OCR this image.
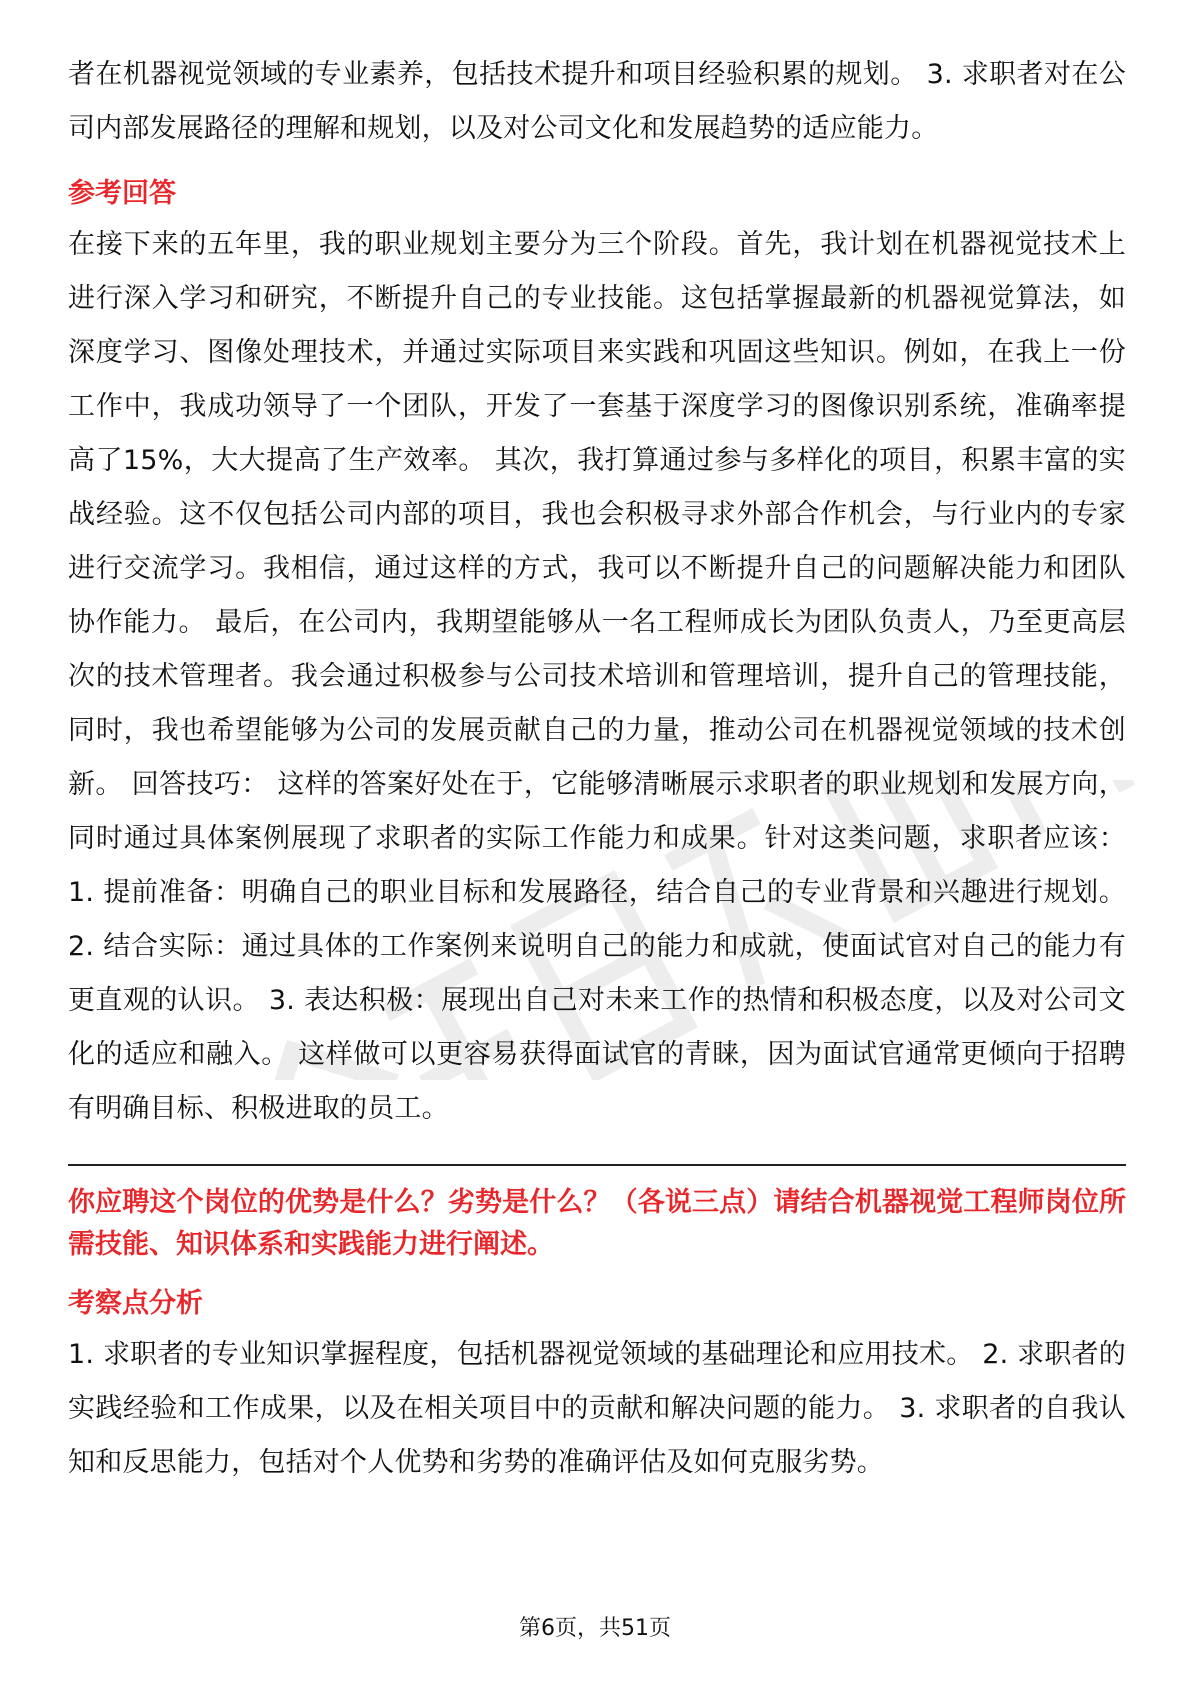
者在机器视觉领域的专业素养，包括技术提升和项目经验积累的规划。 3. 求职者对在公司内部发展路径的理解和规划，以及对公司文化和发展趋势的适应能力。

参考回答

在接下来的五年里，我的职业规划主要分为三个阶段。首先，我计划在机器视觉技术上进行深入学习和研究，不断提升自己的专业技能。这包括掌握最新的机器视觉算法，如深度学习、图像处理技术，并通过实际项目来实践和巩固这些知识。例如，在我上一份工作中，我成功领导了一个团队，开发了一套基于深度学习的图像识别系统，准确率提高了15%，大大提高了生产效率。 其次，我打算通过参与多样化的项目，积累丰富的实战经验。这不仅包括公司内部的项目，我也会积极寻求外部合作机会，与行业内的专家进行交流学习。我相信，通过这样的方式，我可以不断提升自己的问题解决能力和团队协作能力。 最后，在公司内，我期望能够从一名工程师成长为团队负责人，乃至更高层次的技术管理者。我会通过积极参与公司技术培训和管理培训，提升自己的管理技能，同时，我也希望能够为公司的发展贡献自己的力量，推动公司在机器视觉领域的技术创新。 回答技巧： 这样的答案好处在于，它能够清晰展示求职者的职业规划和发展方向，同时通过具体案例展现了求职者的实际工作能力和成果。针对这类问题，求职者应该： 1. 提前准备：明确自己的职业目标和发展路径，结合自己的专业背景和兴趣进行规划。 2. 结合实际：通过具体的工作案例来说明自己的能力和成就，使面试官对自己的能力有更直观的认识。 3. 表达积极：展现出自己对未来工作的热情和积极态度，以及对公司文化的适应和融入。 这样做可以更容易获得面试官的青睐，因为面试官通常更倾向于招聘有明确目标、积极进取的员工。

你应聘这个岗位的优势是什么？劣势是什么？（各说三点）请结合机器视觉工程师岗位所需技能、知识体系和实践能力进行阐述。

考察点分析

1. 求职者的专业知识掌握程度，包括机器视觉领域的基础理论和应用技术。 2. 求职者的实践经验和工作成果，以及在相关项目中的贡献和解决问题的能力。 3. 求职者的自我认知和反思能力，包括对个人优势和劣势的准确评估及如何克服劣势。

第6页，共51页
